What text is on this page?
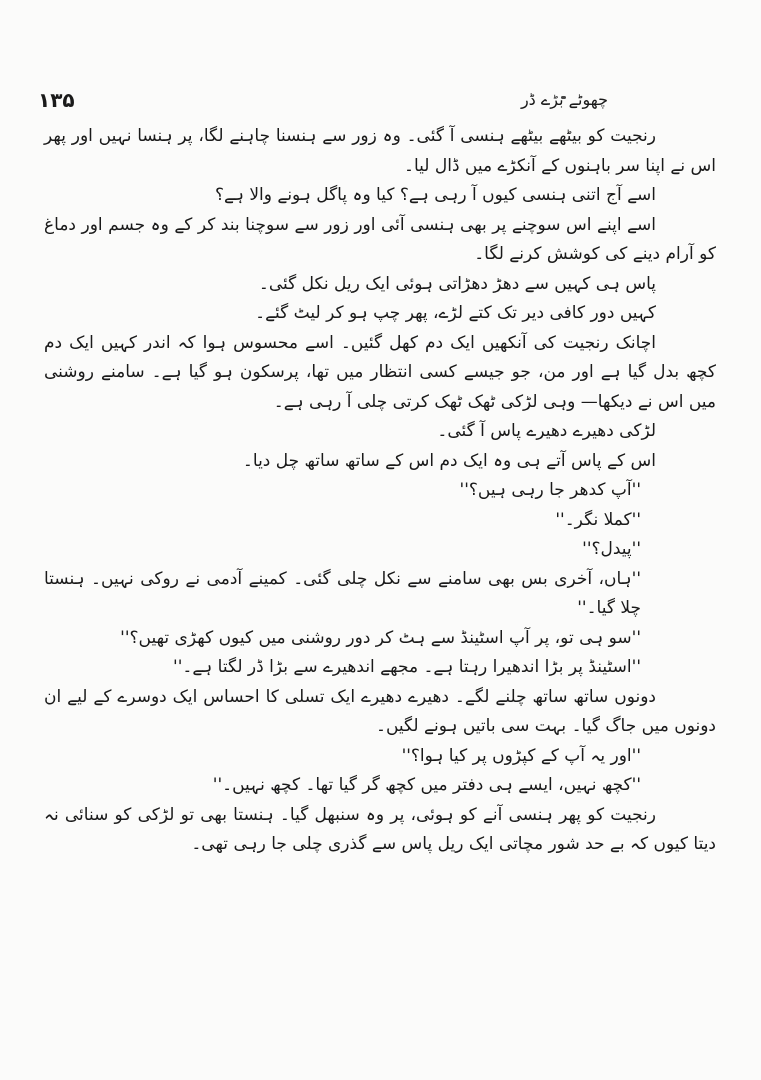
۱۳۵	چھوٹے بڑے ڈر

رنجیت کو بیٹھے بیٹھے ہنسی آ گئی۔ وہ زور سے ہنسنا چاہنے لگا، پر ہنسا نہیں اور پھر اس نے اپنا سر باہنوں کے آنکڑے میں ڈال لیا۔

اسے آج اتنی ہنسی کیوں آ رہی ہے؟ کیا وہ پاگل ہونے والا ہے؟

اسے اپنے اس سوچنے پر بھی ہنسی آئی اور زور سے سوچنا بند کر کے وہ جسم اور دماغ کو آرام دینے کی کوشش کرنے لگا۔

پاس ہی کہیں سے دھڑ دھڑاتی ہوئی ایک ریل نکل گئی۔

کہیں دور کافی دیر تک کتے لڑے، پھر چپ ہو کر لیٹ گئے۔

اچانک رنجیت کی آنکھیں ایک دم کھل گئیں۔ اسے محسوس ہوا کہ اندر کہیں ایک دم کچھ بدل گیا ہے اور من، جو جیسے کسی انتظار میں تھا، پرسکون ہو گیا ہے۔ سامنے روشنی میں اس نے دیکھا— وہی لڑکی ٹھک ٹھک کرتی چلی آ رہی ہے۔

لڑکی دھیرے دھیرے پاس آ گئی۔

اس کے پاس آتے ہی وہ ایک دم اس کے ساتھ ساتھ چل دیا۔

''آپ کدھر جا رہی ہیں؟''

''کملا نگر۔''

''پیدل؟''

''ہاں، آخری بس بھی سامنے سے نکل چلی گئی۔ کمینے آدمی نے روکی نہیں۔ ہنستا چلا گیا۔''

''سو ہی تو، پر آپ اسٹینڈ سے ہٹ کر دور روشنی میں کیوں کھڑی تھیں؟''

''اسٹینڈ پر بڑا اندھیرا رہتا ہے۔ مجھے اندھیرے سے بڑا ڈر لگتا ہے۔''

دونوں ساتھ ساتھ چلنے لگے۔ دھیرے دھیرے ایک تسلی کا احساس ایک دوسرے کے لیے ان دونوں میں جاگ گیا۔ بہت سی باتیں ہونے لگیں۔

''اور یہ آپ کے کپڑوں پر کیا ہوا؟''

''کچھ نہیں، ایسے ہی دفتر میں کچھ گر گیا تھا۔ کچھ نہیں۔''

رنجیت کو پھر ہنسی آنے کو ہوئی، پر وہ سنبھل گیا۔ ہنستا بھی تو لڑکی کو سنائی نہ دیتا کیوں کہ بے حد شور مچاتی ایک ریل پاس سے گذری چلی جا رہی تھی۔
